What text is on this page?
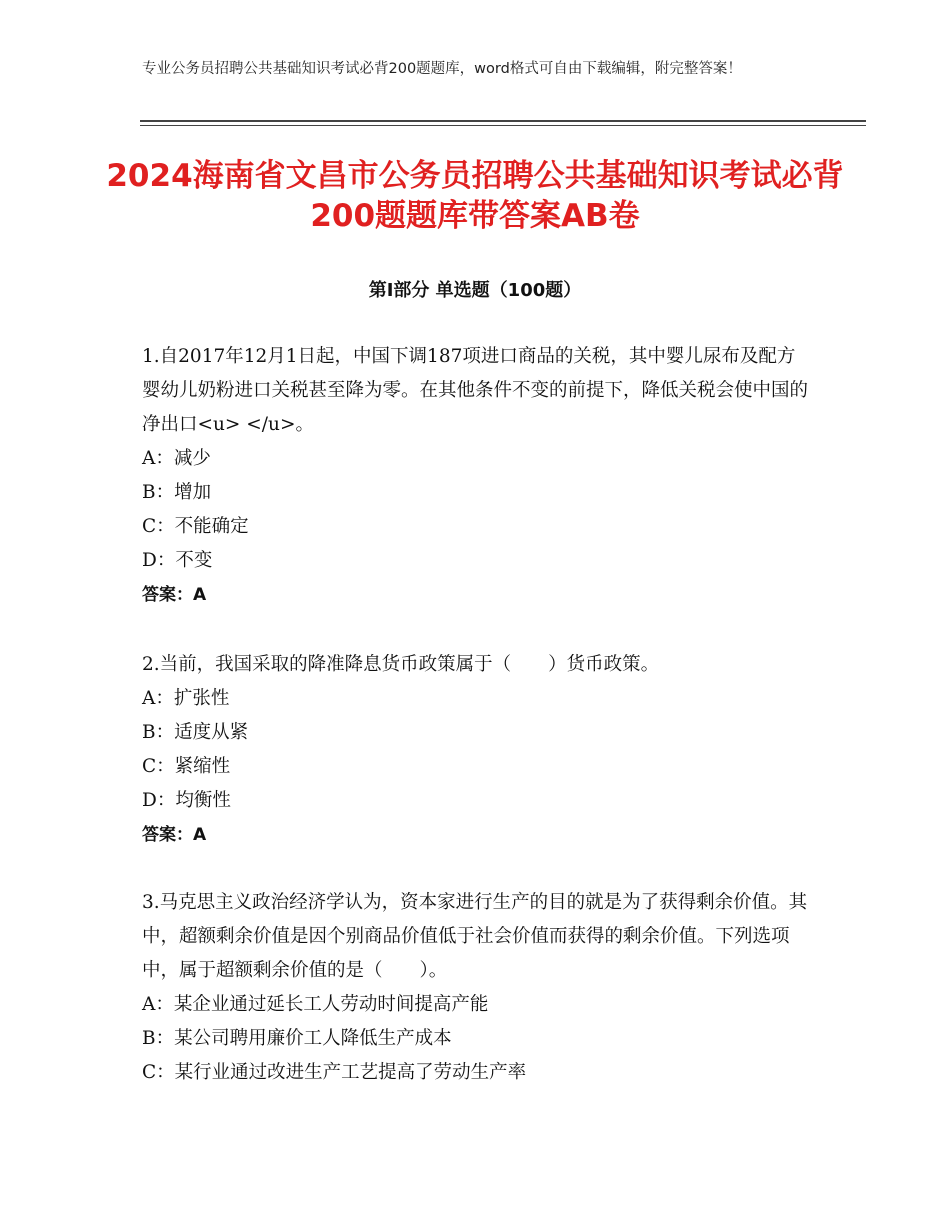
专业公务员招聘公共基础知识考试必背200题题库，word格式可自由下载编辑，附完整答案！
2024海南省文昌市公务员招聘公共基础知识考试必背200题题库带答案AB卷
第Ⅰ部分 单选题（100题）

1.自2017年12月1日起，中国下调187项进口商品的关税，其中婴儿尿布及配方婴幼儿奶粉进口关税甚至降为零。在其他条件不变的前提下，降低关税会使中国的净出口<u> </u>。

A：减少

B：增加

C：不能确定

D：不变

答案：A

2.当前，我国采取的降准降息货币政策属于（　　）货币政策。

A：扩张性

B：适度从紧

C：紧缩性

D：均衡性

答案：A

3.马克思主义政治经济学认为，资本家进行生产的目的就是为了获得剩余价值。其中，超额剩余价值是因个别商品价值低于社会价值而获得的剩余价值。下列选项中，属于超额剩余价值的是（　　）。

A：某企业通过延长工人劳动时间提高产能

B：某公司聘用廉价工人降低生产成本

C：某行业通过改进生产工艺提高了劳动生产率
